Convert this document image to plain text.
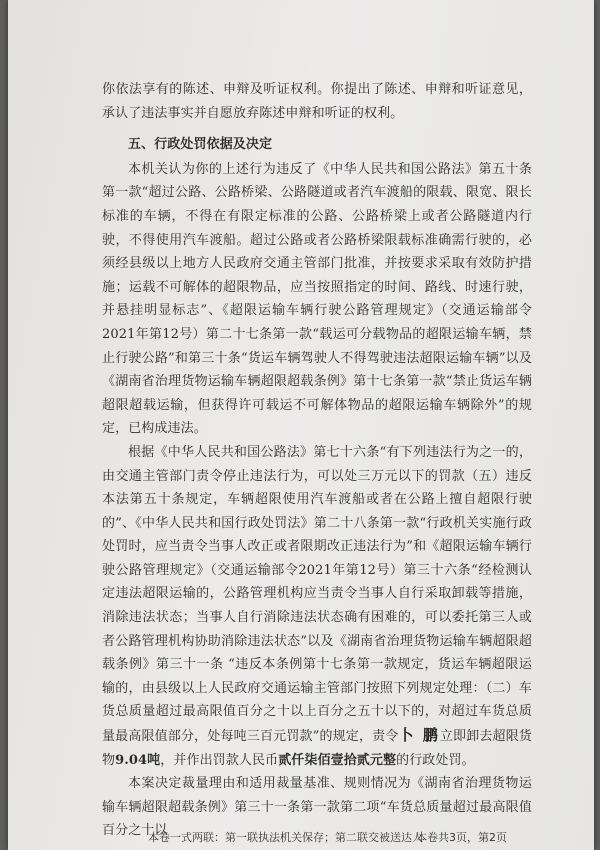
你依法享有的陈述、申辩及听证权利。你提出了陈述、申辩和听证意见，承认了违法事实并自愿放弃陈述申辩和听证的权利。

五、行政处罚依据及决定

本机关认为你的上述行为违反了《中华人民共和国公路法》第五十条第一款“超过公路、公路桥梁、公路隧道或者汽车渡船的限载、限宽、限长标准的车辆，不得在有限定标准的公路、公路桥梁上或者公路隧道内行驶，不得使用汽车渡船。超过公路或者公路桥梁限载标准确需行驶的，必须经县级以上地方人民政府交通主管部门批准，并按要求采取有效防护措施；运载不可解体的超限物品，应当按照指定的时间、路线、时速行驶，并悬挂明显标志”、《超限运输车辆行驶公路管理规定》（交通运输部令2021年第12号）第二十七条第一款“载运可分载物品的超限运输车辆，禁止行驶公路”和第三十条“货运车辆驾驶人不得驾驶违法超限运输车辆”以及《湖南省治理货物运输车辆超限超载条例》第十七条第一款“禁止货运车辆超限超载运输，但获得许可载运不可解体物品的超限运输车辆除外”的规定，已构成违法。

根据《中华人民共和国公路法》第七十六条“有下列违法行为之一的，由交通主管部门责令停止违法行为，可以处三万元以下的罚款（五）违反本法第五十条规定，车辆超限使用汽车渡船或者在公路上擅自超限行驶的”、《中华人民共和国行政处罚法》第二十八条第一款“行政机关实施行政处罚时，应当责令当事人改正或者限期改正违法行为”和《超限运输车辆行驶公路管理规定》（交通运输部令2021年第12号）第三十六条“经检测认定违法超限运输的，公路管理机构应当责令当事人自行采取卸载等措施，消除违法状态；当事人自行消除违法状态确有困难的，可以委托第三人或者公路管理机构协助消除违法状态”以及《湖南省治理货物运输车辆超限超载条例》第三十一条 “违反本条例第十七条第一款规定，货运车辆超限运输的，由县级以上人民政府交通运输主管部门按照下列规定处理：（二）车货总质量超过最高限值百分之十以上百分之五十以下的，对超过车货总质量最高限值部分，处每吨三百元罚款”的规定，责令卜 鹏立即卸去超限货物9.04吨，并作出罚款人民币贰仟柒佰壹拾贰元整的行政处罚。

本案决定裁量理由和适用裁量基准、规则情况为《湖南省治理货物运输车辆超限超载条例》第三十一条第一款第二项“车货总质量超过最高限值百分之十以

本卷一式两联：第一联执法机关保存；第二联交被送达人
本卷共3页，第2页
